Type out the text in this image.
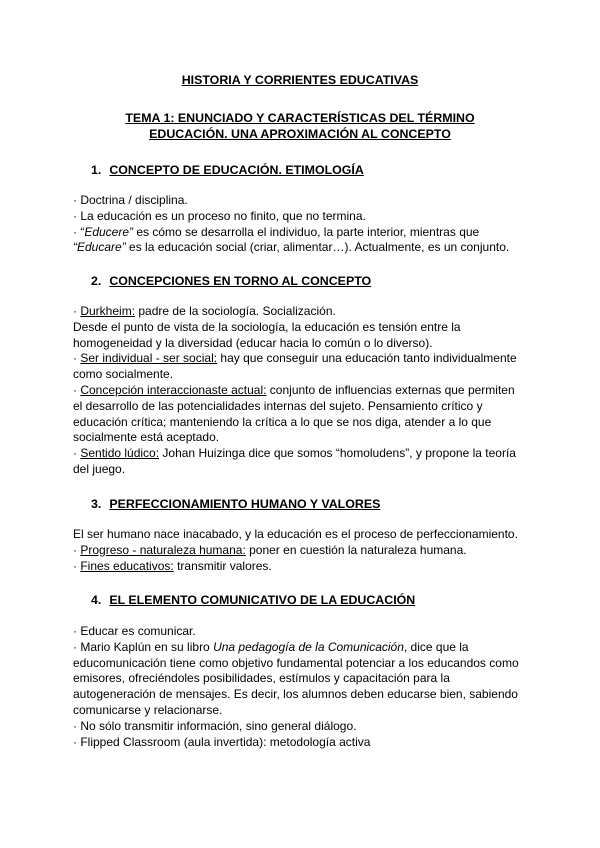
HISTORIA Y CORRIENTES EDUCATIVAS
TEMA 1: ENUNCIADO Y CARACTERÍSTICAS DEL TÉRMINO
EDUCACIÓN. UNA APROXIMACIÓN AL CONCEPTO
1. CONCEPTO DE EDUCACIÓN. ETIMOLOGÍA
· Doctrina / disciplina.
· La educación es un proceso no finito, que no termina.
· “Educere” es cómo se desarrolla el individuo, la parte interior, mientras que
“Educare” es la educación social (criar, alimentar…). Actualmente, es un conjunto.
2. CONCEPCIONES EN TORNO AL CONCEPTO
· Durkheim: padre de la sociología. Socialización.
Desde el punto de vista de la sociología, la educación es tensión entre la
homogeneidad y la diversidad (educar hacia lo común o lo diverso).
· Ser individual - ser social: hay que conseguir una educación tanto individualmente
como socialmente.
· Concepción interaccionaste actual: conjunto de influencias externas que permiten
el desarrollo de las potencialidades internas del sujeto. Pensamiento crítico y
educación crítica; manteniendo la crítica a lo que se nos diga, atender a lo que
socialmente está aceptado.
· Sentido lúdico: Johan Huizinga dice que somos “homoludens”, y propone la teoría
del juego.
3. PERFECCIONAMIENTO HUMANO Y VALORES
El ser humano nace inacabado, y la educación es el proceso de perfeccionamiento.
· Progreso - naturaleza humana: poner en cuestión la naturaleza humana.
· Fines educativos: transmitir valores.
4. EL ELEMENTO COMUNICATIVO DE LA EDUCACIÓN
· Educar es comunicar.
· Mario Kaplún en su libro Una pedagogía de la Comunicación, dice que la
educomunicación tiene como objetivo fundamental potenciar a los educandos como
emisores, ofreciéndoles posibilidades, estímulos y capacitación para la
autogeneración de mensajes. Es decir, los alumnos deben educarse bien, sabiendo
comunicarse y relacionarse.
· No sólo transmitir información, sino general diálogo.
· Flipped Classroom (aula invertida): metodología activa
